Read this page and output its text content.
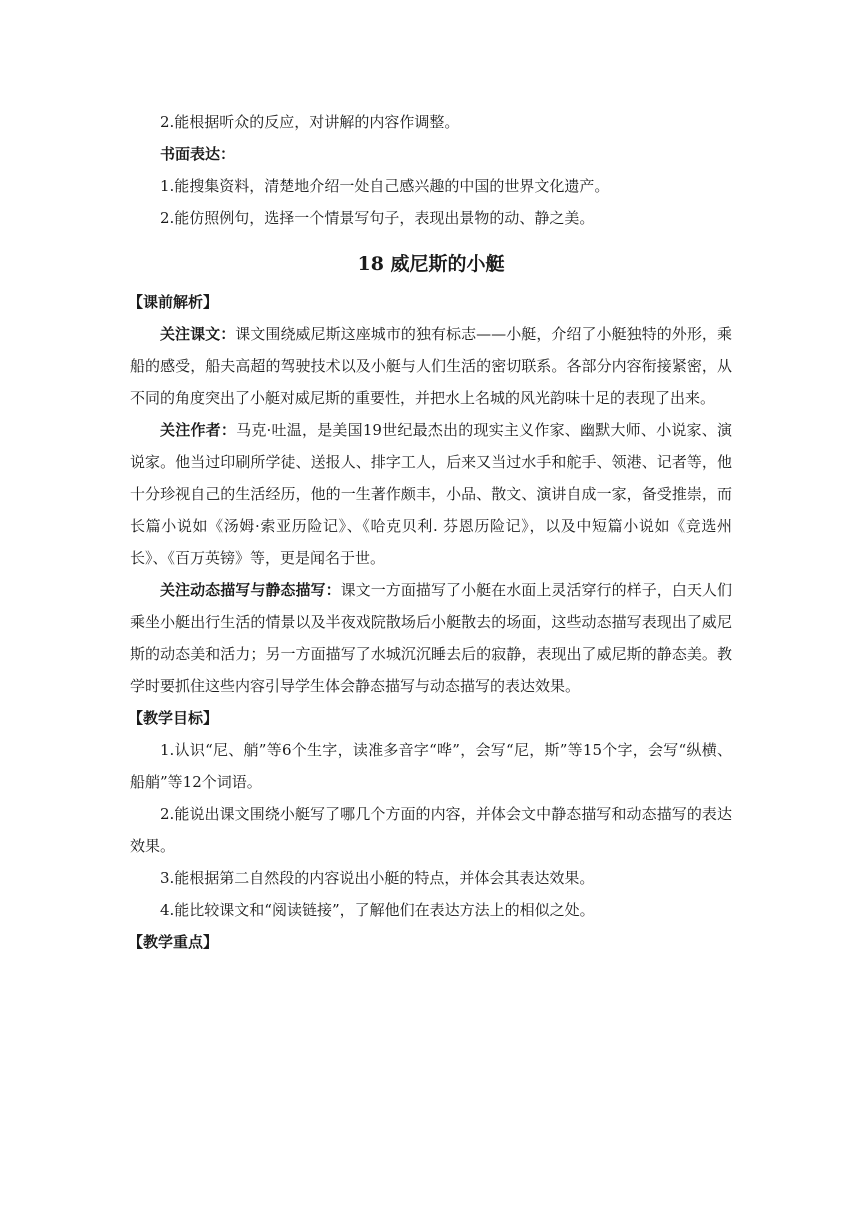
2.能根据听众的反应，对讲解的内容作调整。

书面表达：

1.能搜集资料，清楚地介绍一处自己感兴趣的中国的世界文化遗产。

2.能仿照例句，选择一个情景写句子，表现出景物的动、静之美。

18 威尼斯的小艇

【课前解析】

关注课文：课文围绕威尼斯这座城市的独有标志——小艇，介绍了小艇独特的外形，乘船的感受，船夫高超的驾驶技术以及小艇与人们生活的密切联系。各部分内容衔接紧密，从不同的角度突出了小艇对威尼斯的重要性，并把水上名城的风光韵味十足的表现了出来。

关注作者：马克·吐温，是美国19世纪最杰出的现实主义作家、幽默大师、小说家、演说家。他当过印刷所学徒、送报人、排字工人，后来又当过水手和舵手、领港、记者等，他十分珍视自己的生活经历，他的一生著作颇丰，小品、散文、演讲自成一家，备受推崇，而长篇小说如《汤姆·索亚历险记》、《哈克贝利. 芬恩历险记》，以及中短篇小说如《竞选州长》、《百万英镑》等，更是闻名于世。

关注动态描写与静态描写：课文一方面描写了小艇在水面上灵活穿行的样子，白天人们乘坐小艇出行生活的情景以及半夜戏院散场后小艇散去的场面，这些动态描写表现出了威尼斯的动态美和活力；另一方面描写了水城沉沉睡去后的寂静，表现出了威尼斯的静态美。教学时要抓住这些内容引导学生体会静态描写与动态描写的表达效果。

【教学目标】

1.认识“尼、艄”等6个生字，读准多音字“哗”，会写“尼，斯”等15个字，会写“纵横、船艄”等12个词语。

2.能说出课文围绕小艇写了哪几个方面的内容，并体会文中静态描写和动态描写的表达效果。

3.能根据第二自然段的内容说出小艇的特点，并体会其表达效果。

4.能比较课文和“阅读链接”，了解他们在表达方法上的相似之处。

【教学重点】
